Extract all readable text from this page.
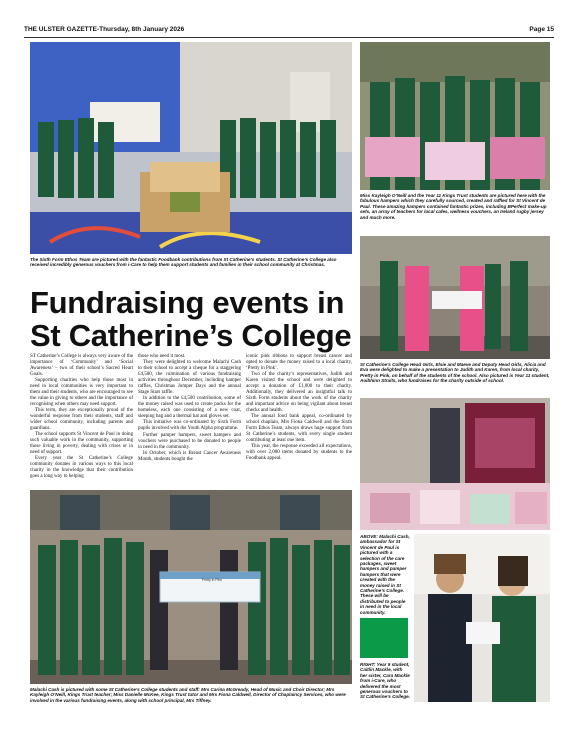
THE ULSTER GAZETTE-Thursday, 8th January 2026	Page 15
The Sixth Form Ethos Team are pictured with the fantastic Foodbank contributions from St Catherine’s students. St Catherine’s College also received incredibly generous vouchers from i-Care to help them support students and families in their school community at Christmas.
Miss Kayleigh O’Neill and the Year 11 Kings Trust students are pictured here with the fabulous hampers which they carefully sourced, created and raffled for St Vincent de Paul. These amazing hampers contained fantastic prizes, including BPerfect make-up sets, an array of teachers for local cafes, wellness vouchers, an Ireland rugby jersey and much more.
Fundraising events in St Catherine’s College
St Catherine’s College Head Girls, Elsie and Maeve and Deputy Head Girls, Alicia and Eva were delighted to make a presentation to Judith and Karen, from local charity, Pretty in Pink, on behalf of the students of the school. Also pictured is Year 11 student, Aoibhinn Straits, who fundraises for the charity outside of school.

ST Catherine’s College is always very aware of the importance of ‘Community’ and ‘Social Awareness’ – two of their school’s Sacred Heart Goals.

Supporting charities who help those most in need in local communities is very important to them and their students, who are encouraged to see the value in giving to others and the importance of recognising when others may need support.

This term, they are exceptionally proud of the wonderful response from their students, staff and wider school community, including parents and guardians.

The school supports St Vincent de Paul in doing such valuable work in the community, supporting those living in poverty, dealing with crises or in need of support.

Every year the St Catherine’s College community donates in various ways to this local charity in the knowledge that their contribution goes a long way to helping

those who need it most.

They were delighted to welcome Malachi Cash to their school to accept a cheque for a staggering £4,500, the culmination of various fundraising activities throughout December, including hamper raffles, Christmas Jumper Days and the annual Stage Stars raffle.

In addition to the £4,500 contribution, some of the money raised was used to create packs for the homeless, each one consisting of a new coat, sleeping bag and a thermal hat and gloves set.

This initiative was co-ordinated by Sixth Form pupils involved with the Youth Alpha programme.

Further pamper hampers, sweet hampers and vouchers were purchased to be donated to people in need in the community.

In October, which is Breast Cancer Awareness Month, students bought the

iconic pink ribbons to support breast cancer and opted to donate the money raised to a local charity, ‘Pretty in Pink’.

Two of the charity’s representatives, Judith and Karen visited the school and were delighted to accept a donation of £1,000 to their charity. Additionally, they delivered an insightful talk to Sixth Form students about the work of the charity and important advice on being vigilant about breast checks and health.

The annual food bank appeal, co-ordinated by school chaplain, Mrs Fiona Caldwell and the Sixth Form Ethos Team, always draws huge support from St Catherine’s students, with every single student contributing at least one item.

This year, the response exceeded all expectations, with over 2,000 items donated by students to the Foodbank appeal.

Pretty in Pink
Malachi Cash is pictured with some St Catherine’s College students and staff: Mrs Carina McGready, Head of Music and Choir Director; Mrs Kayleigh O’Neill, Kings Trust teacher; Miss Danielle McKee, Kings Trust tutor and Mrs Fiona Caldwell, Director of Chaplaincy Services, who were involved in the various fundraising events, along with school principal, Mrs Tiffney.
ABOVE: Malachi Cash, ambassador for St Vincent de Paul is pictured with a selection of the care packages, sweet hampers and pamper hampers that were created with the money raised in St Catherine’s College. These will be distributed to people in need in the local community.
RIGHT: Year 9 student, Caitlin Mackle, with her sister, Cara Mackle from i-Care, who delivered the most generous vouchers to St Catherine’s College.
